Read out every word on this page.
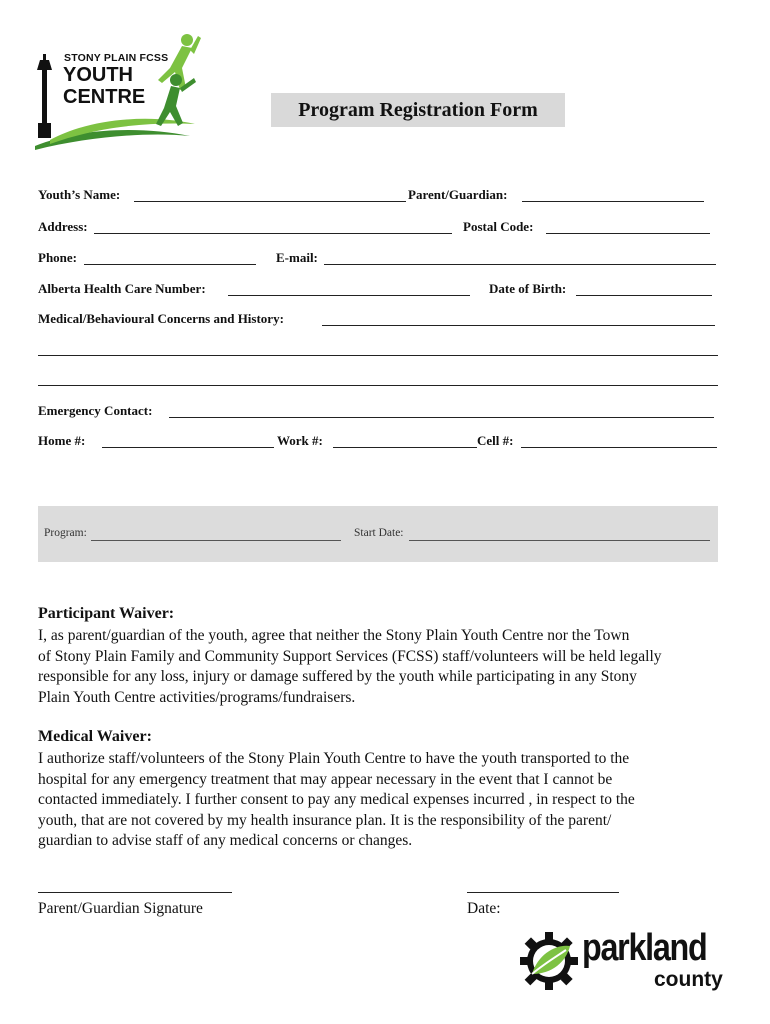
STONY PLAIN FCSS
YOUTH
CENTRE
Program Registration Form
Youth’s Name:	Parent/Guardian:
Address:	Postal Code:
Phone:	E-mail:
Alberta Health Care Number:	Date of Birth:
Medical/Behavioural Concerns and History:
Emergency Contact:
Home #:	Work #:	Cell #:
Program:	Start Date:
Participant Waiver:
I, as parent/guardian of the youth, agree that neither the Stony Plain Youth Centre nor the Town
of Stony Plain Family and Community Support Services (FCSS) staff/volunteers will be held legally
responsible for any loss, injury or damage suffered by the youth while participating in any Stony
Plain Youth Centre activities/programs/fundraisers.
Medical Waiver:
I authorize staff/volunteers of the Stony Plain Youth Centre to have the youth transported to the
hospital for any emergency treatment that may appear necessary in the event that I cannot be
contacted immediately. I further consent to pay any medical expenses incurred , in respect to the
youth, that are not covered by my health insurance plan. It is the responsibility of the parent/
guardian to advise staff of any medical concerns or changes.
Parent/Guardian Signature	Date:
parkland
county
